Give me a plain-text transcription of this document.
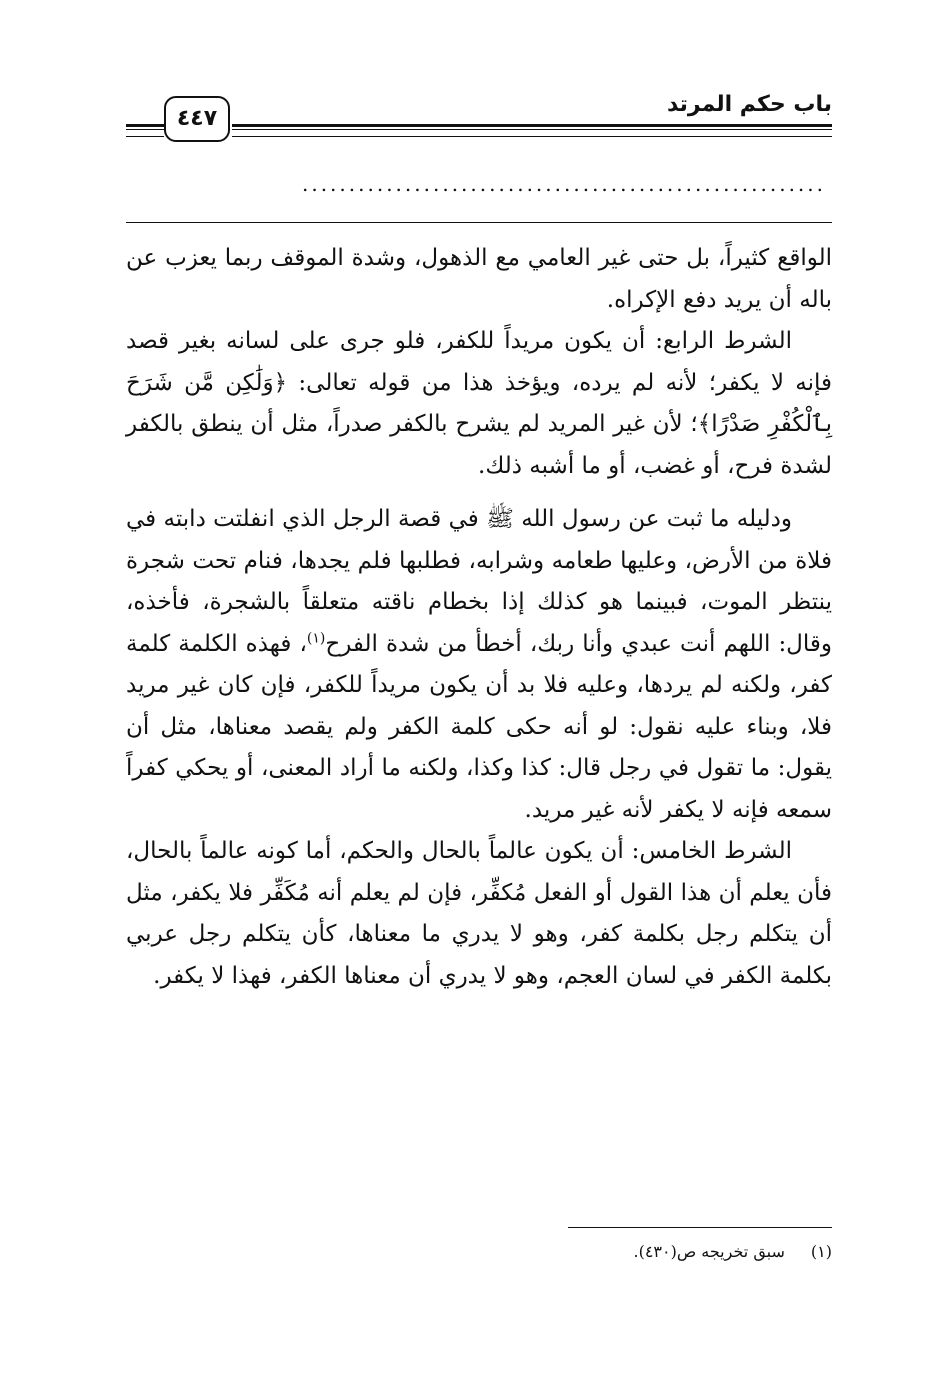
باب حكم المرتد
٤٤٧
........................................................

الواقع كثيراً، بل حتى غير العامي مع الذهول، وشدة الموقف ربما يعزب عن باله أن يريد دفع الإكراه.

الشرط الرابع: أن يكون مريداً للكفر، فلو جرى على لسانه بغير قصد فإنه لا يكفر؛ لأنه لم يرده، ويؤخذ هذا من قوله تعالى: ﴿وَلَٰكِن مَّن شَرَحَ بِٱلْكُفْرِ صَدْرًا﴾؛ لأن غير المريد لم يشرح بالكفر صدراً، مثل أن ينطق بالكفر لشدة فرح، أو غضب، أو ما أشبه ذلك.

ودليله ما ثبت عن رسول الله ﷺ في قصة الرجل الذي انفلتت دابته في فلاة من الأرض، وعليها طعامه وشرابه، فطلبها فلم يجدها، فنام تحت شجرة ينتظر الموت، فبينما هو كذلك إذا بخطام ناقته متعلقاً بالشجرة، فأخذه، وقال: اللهم أنت عبدي وأنا ربك، أخطأ من شدة الفرح$^{(١)}$، فهذه الكلمة كلمة كفر، ولكنه لم يردها، وعليه فلا بد أن يكون مريداً للكفر، فإن كان غير مريد فلا، وبناء عليه نقول: لو أنه حكى كلمة الكفر ولم يقصد معناها، مثل أن يقول: ما تقول في رجل قال: كذا وكذا، ولكنه ما أراد المعنى، أو يحكي كفراً سمعه فإنه لا يكفر لأنه غير مريد.

الشرط الخامس: أن يكون عالماً بالحال والحكم، أما كونه عالماً بالحال، فأن يعلم أن هذا القول أو الفعل مُكفِّر، فإن لم يعلم أنه مُكَفِّر فلا يكفر، مثل أن يتكلم رجل بكلمة كفر، وهو لا يدري ما معناها، كأن يتكلم رجل عربي بكلمة الكفر في لسان العجم، وهو لا يدري أن معناها الكفر، فهذا لا يكفر.

(١)سبق تخريجه ص(٤٣٠).
